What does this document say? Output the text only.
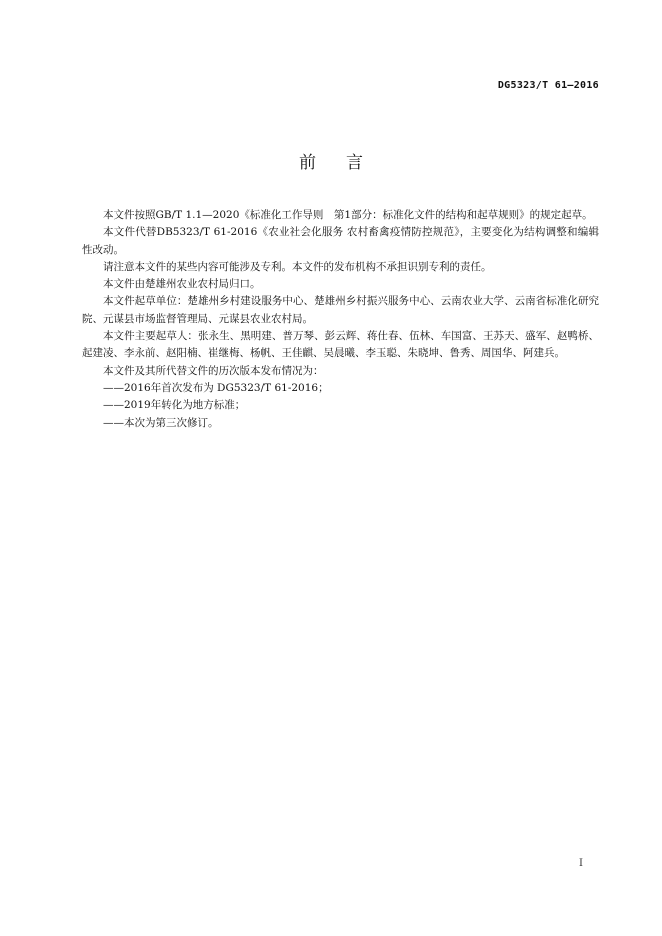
DG5323/T 61—2016
前言

本文件按照GB/T 1.1—2020《标准化工作导则　第1部分：标准化文件的结构和起草规则》的规定起草。

本文件代替DB5323/T 61-2016《农业社会化服务 农村畜禽疫情防控规范》，主要变化为结构调整和编辑性改动。

请注意本文件的某些内容可能涉及专利。本文件的发布机构不承担识别专利的责任。

本文件由楚雄州农业农村局归口。

本文件起草单位：楚雄州乡村建设服务中心、楚雄州乡村振兴服务中心、云南农业大学、云南省标准化研究院、元谋县市场监督管理局、元谋县农业农村局。

本文件主要起草人：张永生、黑明建、普万琴、彭云辉、蒋仕春、伍林、车国富、王苏天、盛军、赵鸭桥、起建凌、李永前、赵阳楠、崔继梅、杨帆、王佳麒、吴晨曦、李玉聪、朱晓坤、鲁秀、周国华、阿建兵。

本文件及其所代替文件的历次版本发布情况为：

——2016年首次发布为 DG5323/T 61-2016；

——2019年转化为地方标准；

——本次为第三次修订。

I
